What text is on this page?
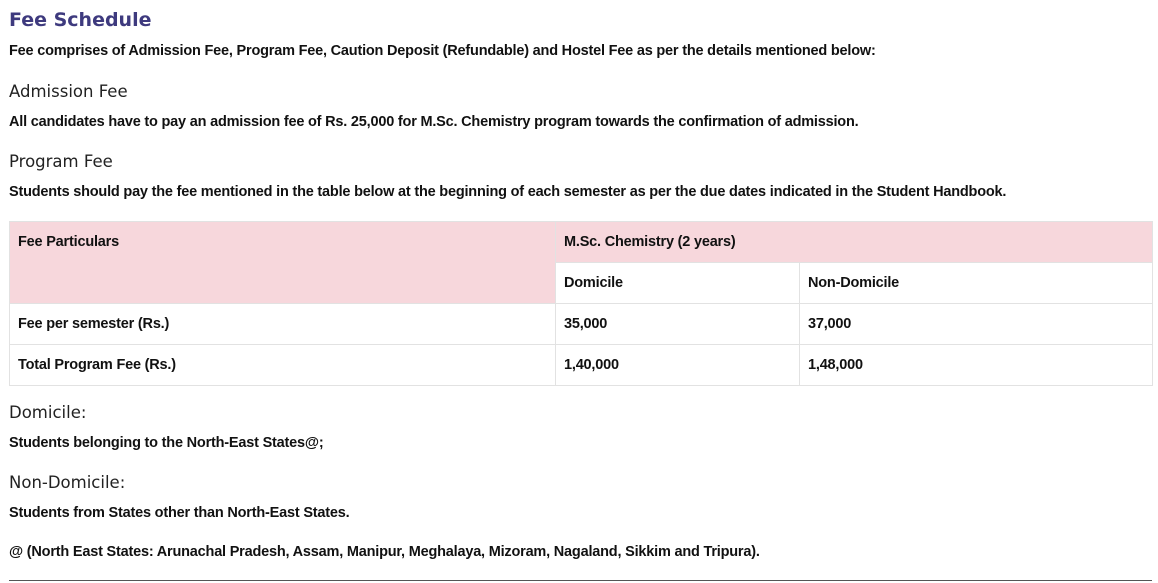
Fee Schedule
Fee comprises of Admission Fee, Program Fee, Caution Deposit (Refundable) and Hostel Fee as per the details mentioned below:
Admission Fee
All candidates have to pay an admission fee of Rs. 25,000 for M.Sc. Chemistry program towards the confirmation of admission.
Program Fee
Students should pay the fee mentioned in the table below at the beginning of each semester as per the due dates indicated in the Student Handbook.
Fee Particulars	M.Sc. Chemistry (2 years)	
	Domicile	Non-Domicile
Fee per semester (Rs.)	35,000	37,000
Total Program Fee (Rs.)	1,40,000	1,48,000
Domicile:
Students belonging to the North-East States@;
Non-Domicile:
Students from States other than North-East States.
@ (North East States: Arunachal Pradesh, Assam, Manipur, Meghalaya, Mizoram, Nagaland, Sikkim and Tripura).
